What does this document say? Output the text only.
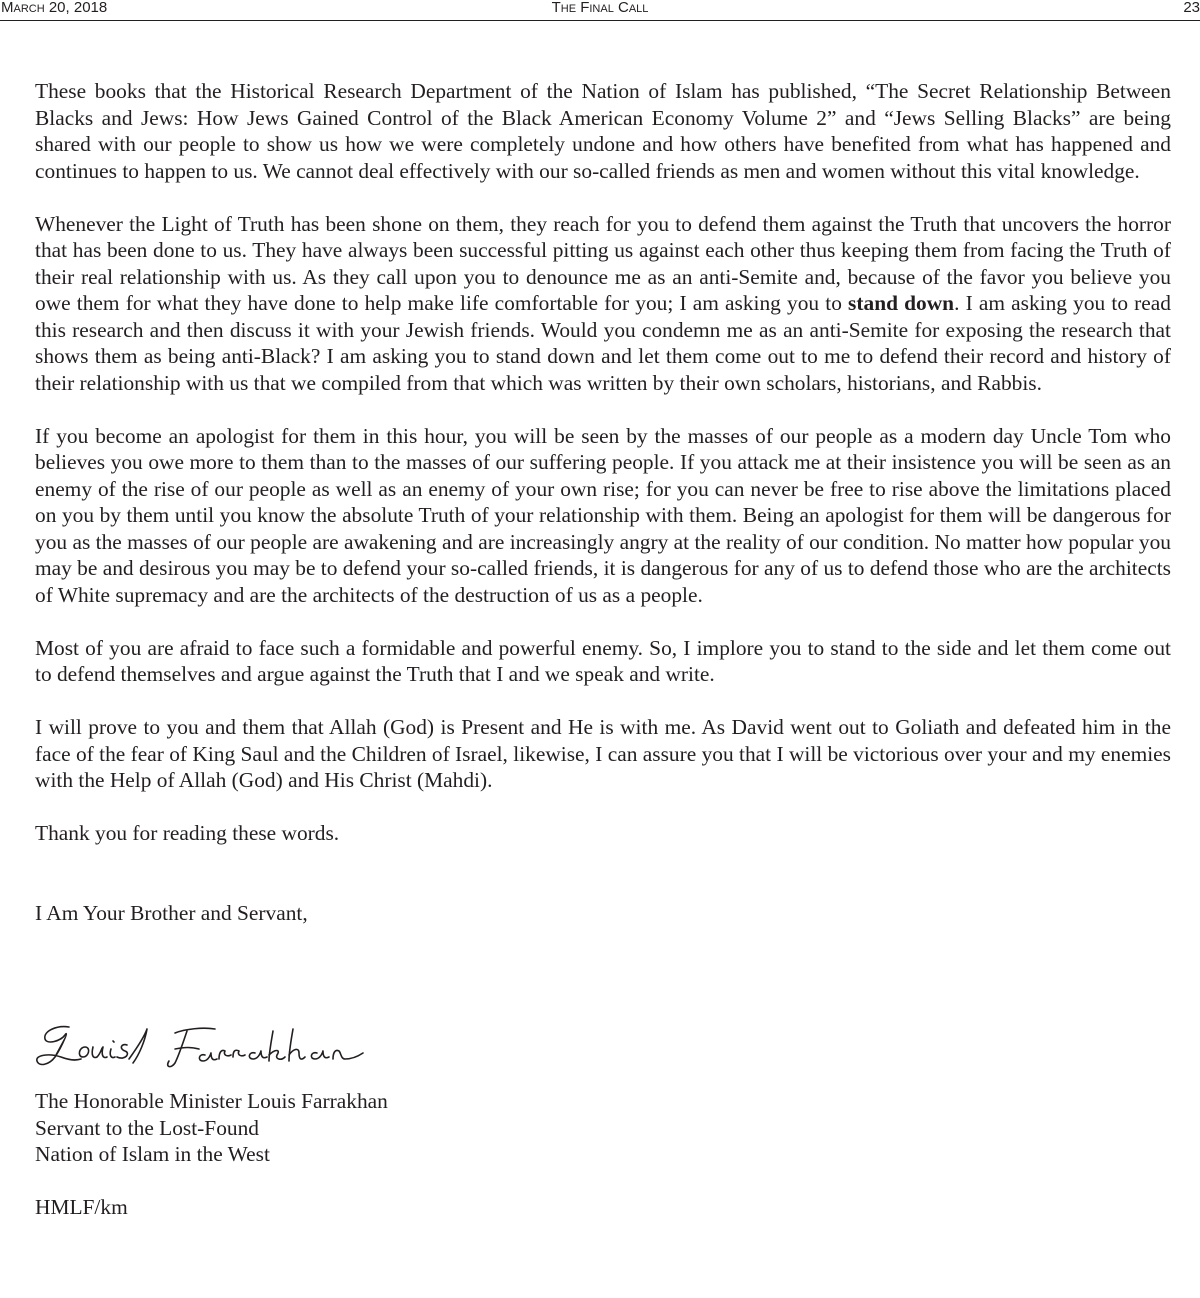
March 20, 2018	The Final Call	23

These books that the Historical Research Department of the Nation of Islam has published, “The Secret Relationship Between Blacks and Jews: How Jews Gained Control of the Black American Economy Volume 2” and “Jews Selling Blacks” are being shared with our people to show us how we were completely undone and how others have benefited from what has happened and continues to happen to us. We cannot deal effectively with our so-called friends as men and women without this vital knowledge.

Whenever the Light of Truth has been shone on them, they reach for you to defend them against the Truth that uncovers the horror that has been done to us. They have always been successful pitting us against each other thus keeping them from facing the Truth of their real relationship with us. As they call upon you to denounce me as an anti-Semite and, because of the favor you believe you owe them for what they have done to help make life comfortable for you; I am asking you to stand down. I am asking you to read this research and then discuss it with your Jewish friends. Would you condemn me as an anti-Semite for exposing the research that shows them as being anti-Black? I am asking you to stand down and let them come out to me to defend their record and history of their relationship with us that we compiled from that which was written by their own scholars, historians, and Rabbis.

If you become an apologist for them in this hour, you will be seen by the masses of our people as a modern day Uncle Tom who believes you owe more to them than to the masses of our suffering people. If you attack me at their insistence you will be seen as an enemy of the rise of our people as well as an enemy of your own rise; for you can never be free to rise above the limitations placed on you by them until you know the absolute Truth of your relationship with them. Being an apologist for them will be dangerous for you as the masses of our people are awakening and are increasingly angry at the reality of our condition. No matter how popular you may be and desirous you may be to defend your so-called friends, it is dangerous for any of us to defend those who are the architects of White supremacy and are the architects of the destruction of us as a people.

Most of you are afraid to face such a formidable and powerful enemy. So, I implore you to stand to the side and let them come out to defend themselves and argue against the Truth that I and we speak and write.

I will prove to you and them that Allah (God) is Present and He is with me. As David went out to Goliath and defeated him in the face of the fear of King Saul and the Children of Israel, likewise, I can assure you that I will be victorious over your and my enemies with the Help of Allah (God) and His Christ (Mahdi).

Thank you for reading these words.

I Am Your Brother and Servant,
The Honorable Minister Louis Farrakhan
Servant to the Lost-Found
Nation of Islam in the West
HMLF/km
